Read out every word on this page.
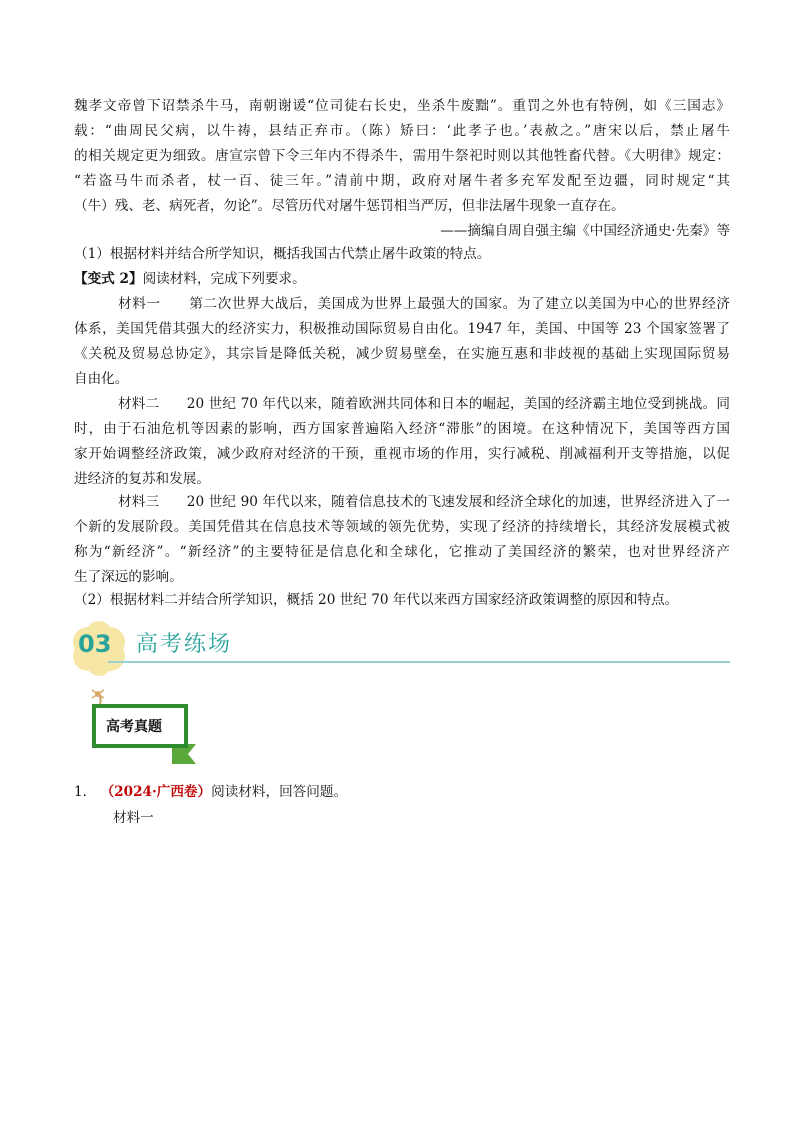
魏孝文帝曾下诏禁杀牛马，南朝谢谖“位司徒右长史，坐杀牛废黜”。重罚之外也有特例，如《三国志》
载：“曲周民父病，以牛祷，县结正弃市。（陈）矫曰：‘此孝子也。’表赦之。”唐宋以后，禁止屠牛
的相关规定更为细致。唐宣宗曾下令三年内不得杀牛，需用牛祭祀时则以其他牲畜代替。《大明律》规定：
“若盗马牛而杀者，杖一百、徒三年。”清前中期，政府对屠牛者多充军发配至边疆，同时规定“其
（牛）残、老、病死者，勿论”。尽管历代对屠牛惩罚相当严厉，但非法屠牛现象一直存在。
——摘编自周自强主编《中国经济通史·先秦》等
（1）根据材料并结合所学知识，概括我国古代禁止屠牛政策的特点。
【变式 2】阅读材料，完成下列要求。
材料一　　第二次世界大战后，美国成为世界上最强大的国家。为了建立以美国为中心的世界经济
体系，美国凭借其强大的经济实力，积极推动国际贸易自由化。1947 年，美国、中国等 23 个国家签署了
《关税及贸易总协定》，其宗旨是降低关税，减少贸易壁垒，在实施互惠和非歧视的基础上实现国际贸易
自由化。
材料二　　20 世纪 70 年代以来，随着欧洲共同体和日本的崛起，美国的经济霸主地位受到挑战。同
时，由于石油危机等因素的影响，西方国家普遍陷入经济“滞胀”的困境。在这种情况下，美国等西方国
家开始调整经济政策，减少政府对经济的干预，重视市场的作用，实行减税、削减福利开支等措施，以促
进经济的复苏和发展。
材料三　　20 世纪 90 年代以来，随着信息技术的飞速发展和经济全球化的加速，世界经济进入了一
个新的发展阶段。美国凭借其在信息技术等领域的领先优势，实现了经济的持续增长，其经济发展模式被
称为“新经济”。“新经济”的主要特征是信息化和全球化，它推动了美国经济的繁荣，也对世界经济产
生了深远的影响。
（2）根据材料二并结合所学知识，概括 20 世纪 70 年代以来西方国家经济政策调整的原因和特点。
03 高考练场
高考真题
1． （2024·广西卷）阅读材料，回答问题。
材料一
